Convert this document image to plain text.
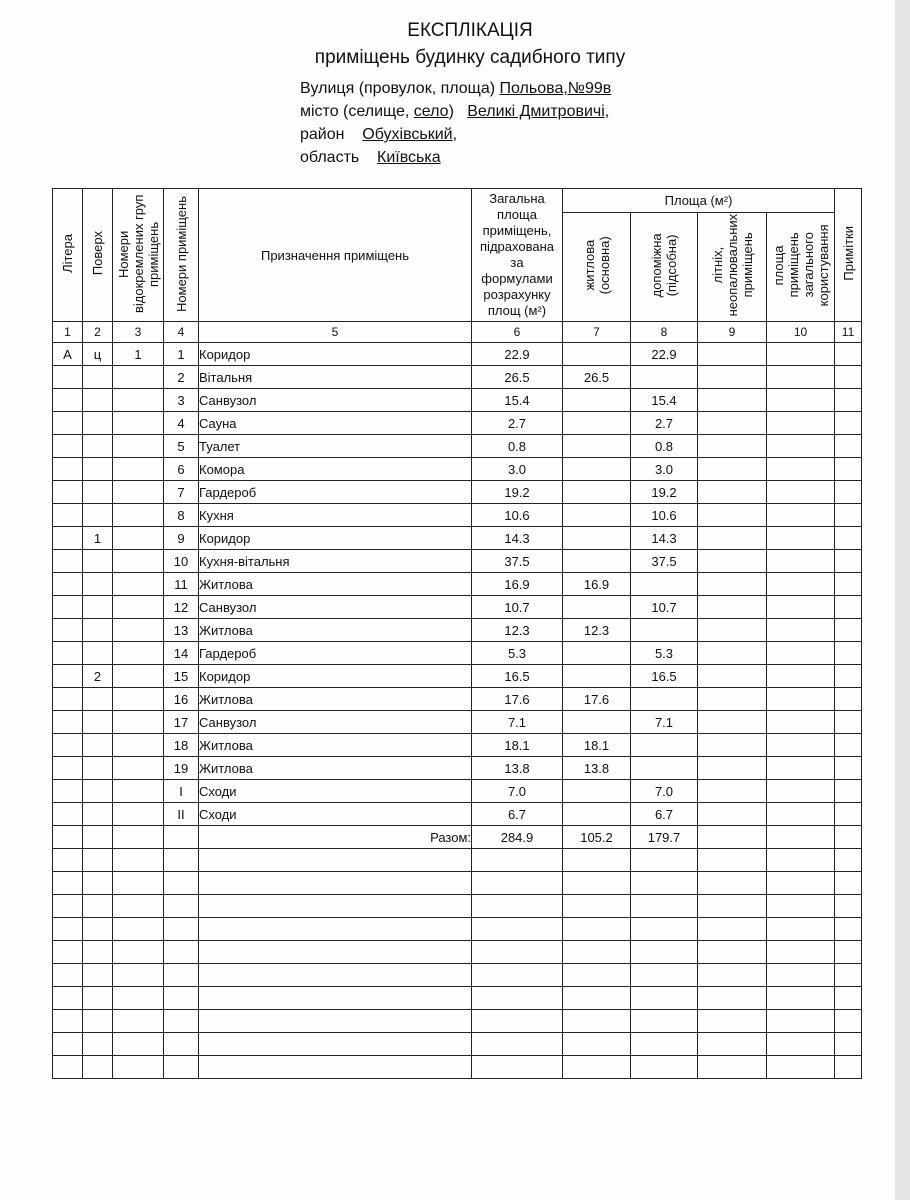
ЕКСПЛІКАЦІЯ
приміщень будинку садибного типу
Вулиця (провулок, площа) Польова,№99в
місто (селище, село) Великі Дмитровичі,
район Обухівський,
область Київська
Літера	Поверх	Номери відокремлених груп приміщень	Номери приміщень	Призначення приміщень	Загальна площа приміщень, підрахована за формулами розрахунку площ (м²)	Площа (м²)				Примітки
						житлова (основна)	допоміжна (підсобна)	літніх, неопалювальних приміщень	площа приміщень загального користування	
1	2	3	4	5	6	7	8	9	10	11
А	ц	1	1	Коридор	22.9		22.9			
			2	Вітальня	26.5	26.5				
			3	Санвузол	15.4		15.4			
			4	Сауна	2.7		2.7			
			5	Туалет	0.8		0.8			
			6	Комора	3.0		3.0			
			7	Гардероб	19.2		19.2			
			8	Кухня	10.6		10.6			
	1		9	Коридор	14.3		14.3			
			10	Кухня-вітальня	37.5		37.5			
			11	Житлова	16.9	16.9				
			12	Санвузол	10.7		10.7			
			13	Житлова	12.3	12.3				
			14	Гардероб	5.3		5.3			
	2		15	Коридор	16.5		16.5			
			16	Житлова	17.6	17.6				
			17	Санвузол	7.1		7.1			
			18	Житлова	18.1	18.1				
			19	Житлова	13.8	13.8				
			I	Сходи	7.0		7.0			
			II	Сходи	6.7		6.7			
				Разом:	284.9	105.2	179.7			
